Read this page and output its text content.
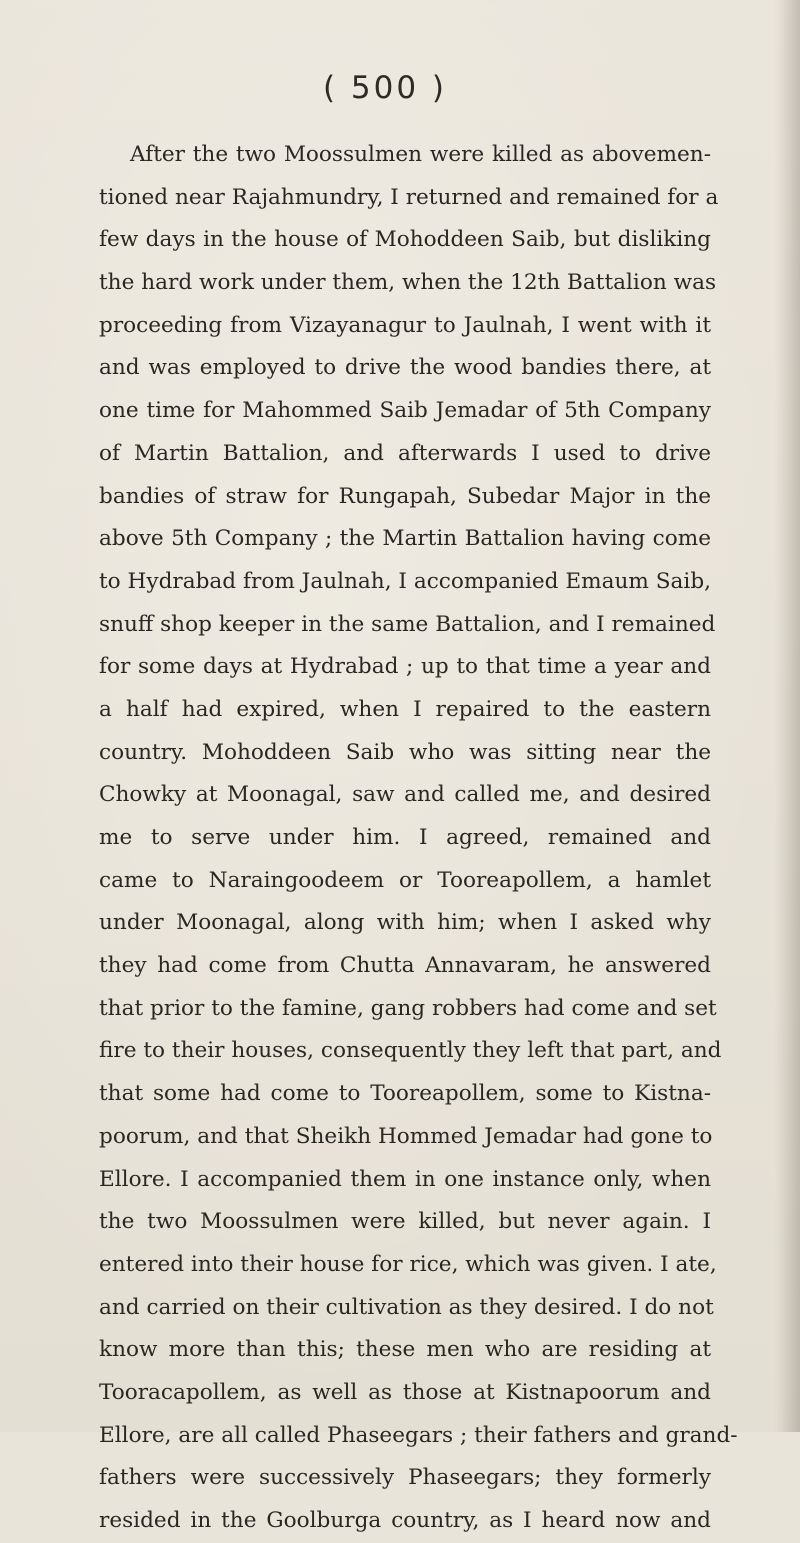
( 500 )
After the two Moossulmen were killed as abovemen-
tioned near Rajahmundry, I returned and remained for a
few days in the house of Mohoddeen Saib, but disliking
the hard work under them, when the 12th Battalion was
proceeding from Vizayanagur to Jaulnah, I went with it
and was employed to drive the wood bandies there, at
one time for Mahommed Saib Jemadar of 5th Company
of Martin Battalion, and afterwards I used to drive
bandies of straw for Rungapah, Subedar Major in the
above 5th Company ; the Martin Battalion having come
to Hydrabad from Jaulnah, I accompanied Emaum Saib,
snuff shop keeper in the same Battalion, and I remained
for some days at Hydrabad ; up to that time a year and
a half had expired, when I repaired to the eastern
country. Mohoddeen Saib who was sitting near the
Chowky at Moonagal, saw and called me, and desired
me to serve under him. I agreed, remained and
came to Naraingoodeem or Tooreapollem, a hamlet
under Moonagal, along with him; when I asked why
they had come from Chutta Annavaram, he answered
that prior to the famine, gang robbers had come and set
fire to their houses, consequently they left that part, and
that some had come to Tooreapollem, some to Kistna-
poorum, and that Sheikh Hommed Jemadar had gone to
Ellore. I accompanied them in one instance only, when
the two Moossulmen were killed, but never again. I
entered into their house for rice, which was given. I ate,
and carried on their cultivation as they desired. I do not
know more than this; these men who are residing at
Tooracapollem, as well as those at Kistnapoorum and
Ellore, are all called Phaseegars ; their fathers and grand-
fathers were successively Phaseegars; they formerly
resided in the Goolburga country, as I heard now and
